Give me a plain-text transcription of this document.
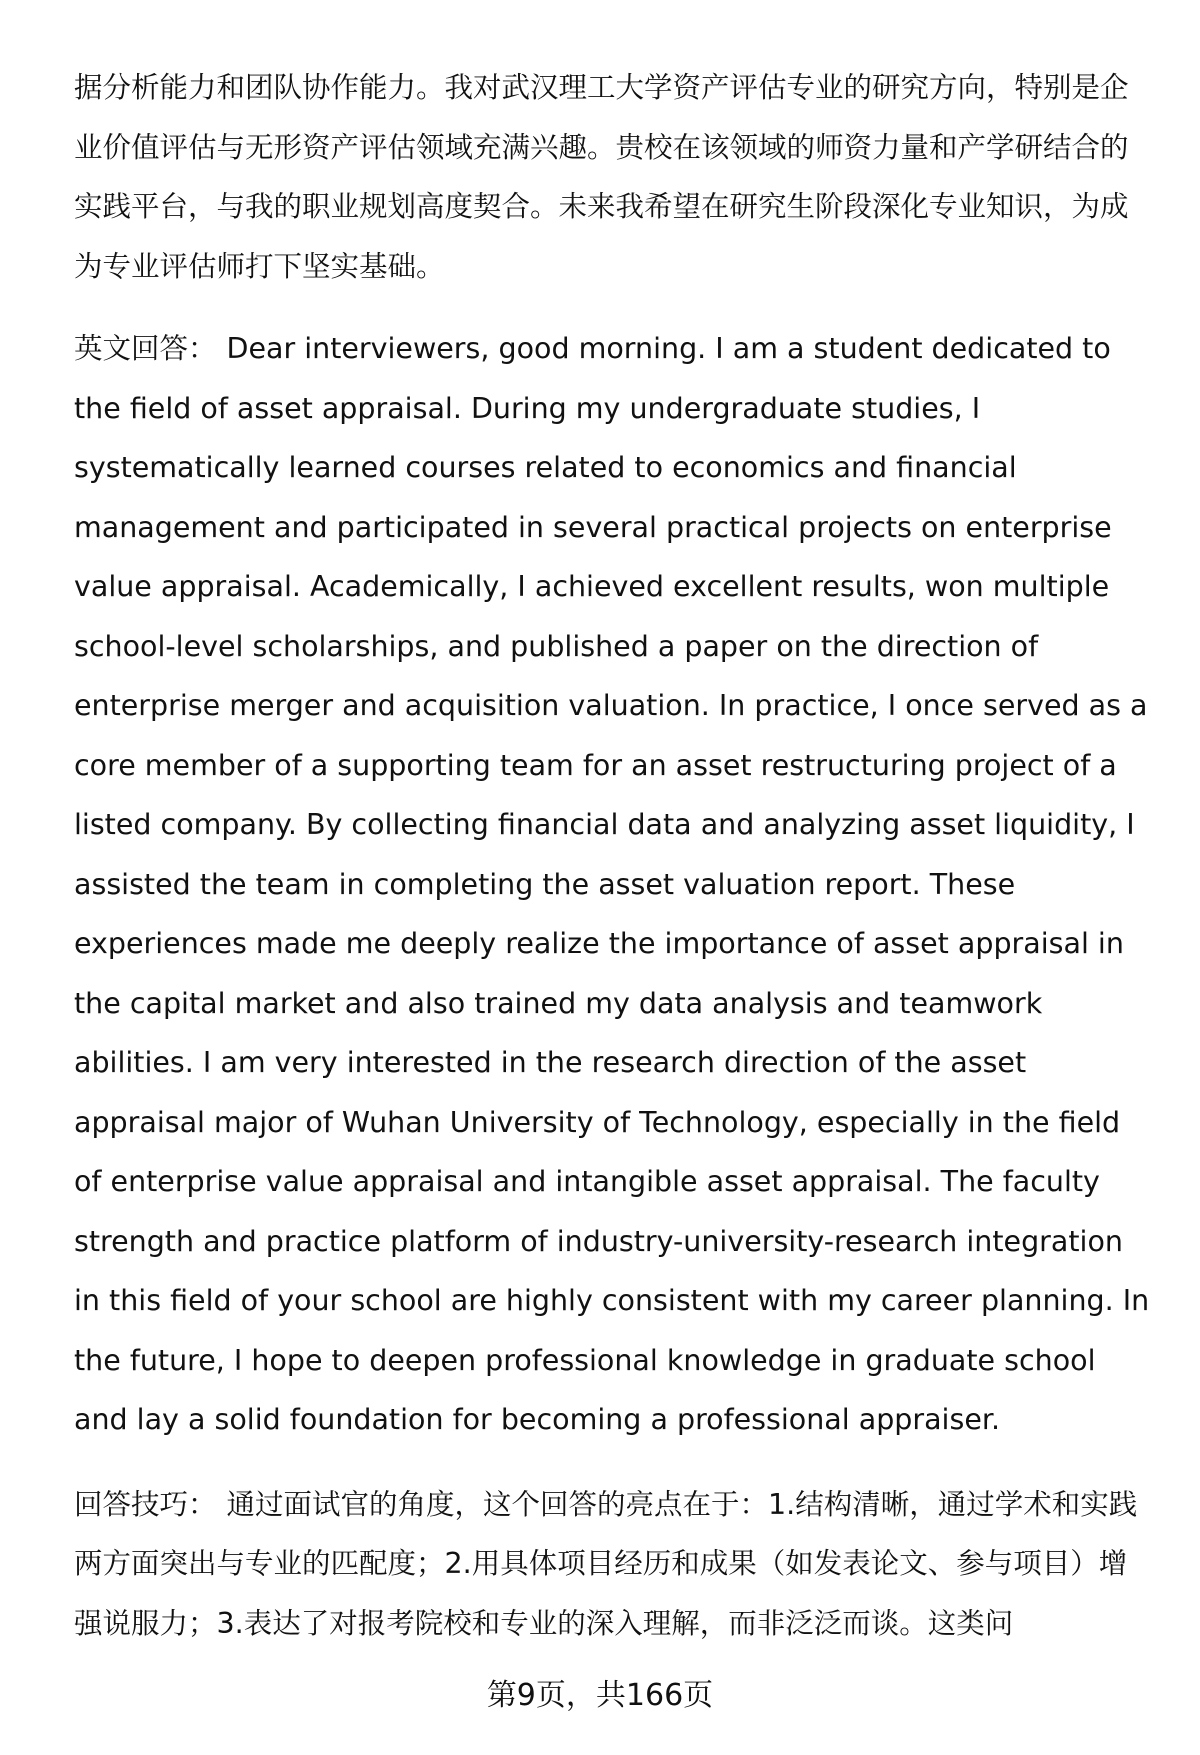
据分析能力和团队协作能力。我对武汉理工大学资产评估专业的研究方向，特别是企业价值评估与无形资产评估领域充满兴趣。贵校在该领域的师资力量和产学研结合的实践平台，与我的职业规划高度契合。未来我希望在研究生阶段深化专业知识，为成为专业评估师打下坚实基础。

英文回答： Dear interviewers, good morning. I am a student dedicated to the field of asset appraisal. During my undergraduate studies, I systematically learned courses related to economics and financial management and participated in several practical projects on enterprise value appraisal. Academically, I achieved excellent results, won multiple school-level scholarships, and published a paper on the direction of enterprise merger and acquisition valuation. In practice, I once served as a core member of a supporting team for an asset restructuring project of a listed company. By collecting financial data and analyzing asset liquidity, I assisted the team in completing the asset valuation report. These experiences made me deeply realize the importance of asset appraisal in the capital market and also trained my data analysis and teamwork abilities. I am very interested in the research direction of the asset appraisal major of Wuhan University of Technology, especially in the field of enterprise value appraisal and intangible asset appraisal. The faculty strength and practice platform of industry-university-research integration in this field of your school are highly consistent with my career planning. In the future, I hope to deepen professional knowledge in graduate school and lay a solid foundation for becoming a professional appraiser.

回答技巧： 通过面试官的角度，这个回答的亮点在于：1.结构清晰，通过学术和实践两方面突出与专业的匹配度；2.用具体项目经历和成果（如发表论文、参与项目）增强说服力；3.表达了对报考院校和专业的深入理解，而非泛泛而谈。这类问

第9页，共166页
